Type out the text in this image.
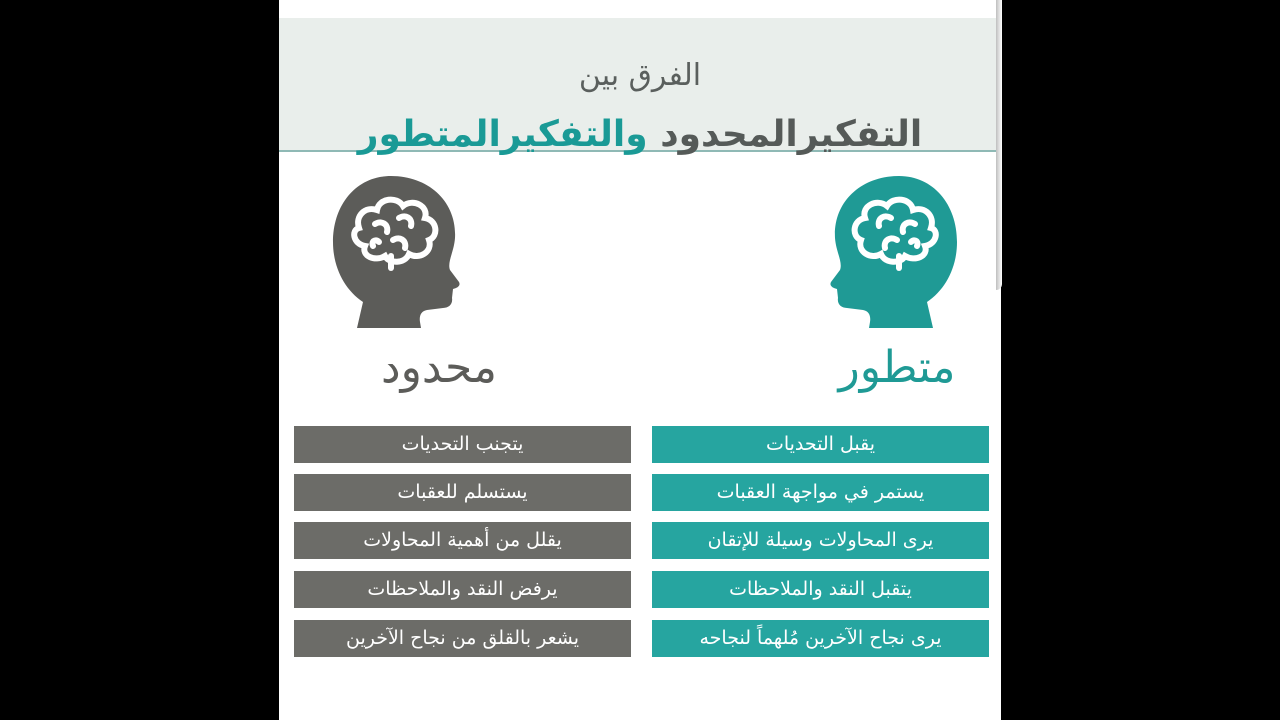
الفرق بين
التفكيرالمحدود والتفكيرالمتطور
محدود	متطور
يتجنب التحديات
يستسلم للعقبات
يقلل من أهمية المحاولات
يرفض النقد والملاحظات
يشعر بالقلق من نجاح الآخرين
يقبل التحديات
يستمر في مواجهة العقبات
يرى المحاولات وسيلة للإتقان
يتقبل النقد والملاحظات
يرى نجاح الآخرين مُلهماً لنجاحه
